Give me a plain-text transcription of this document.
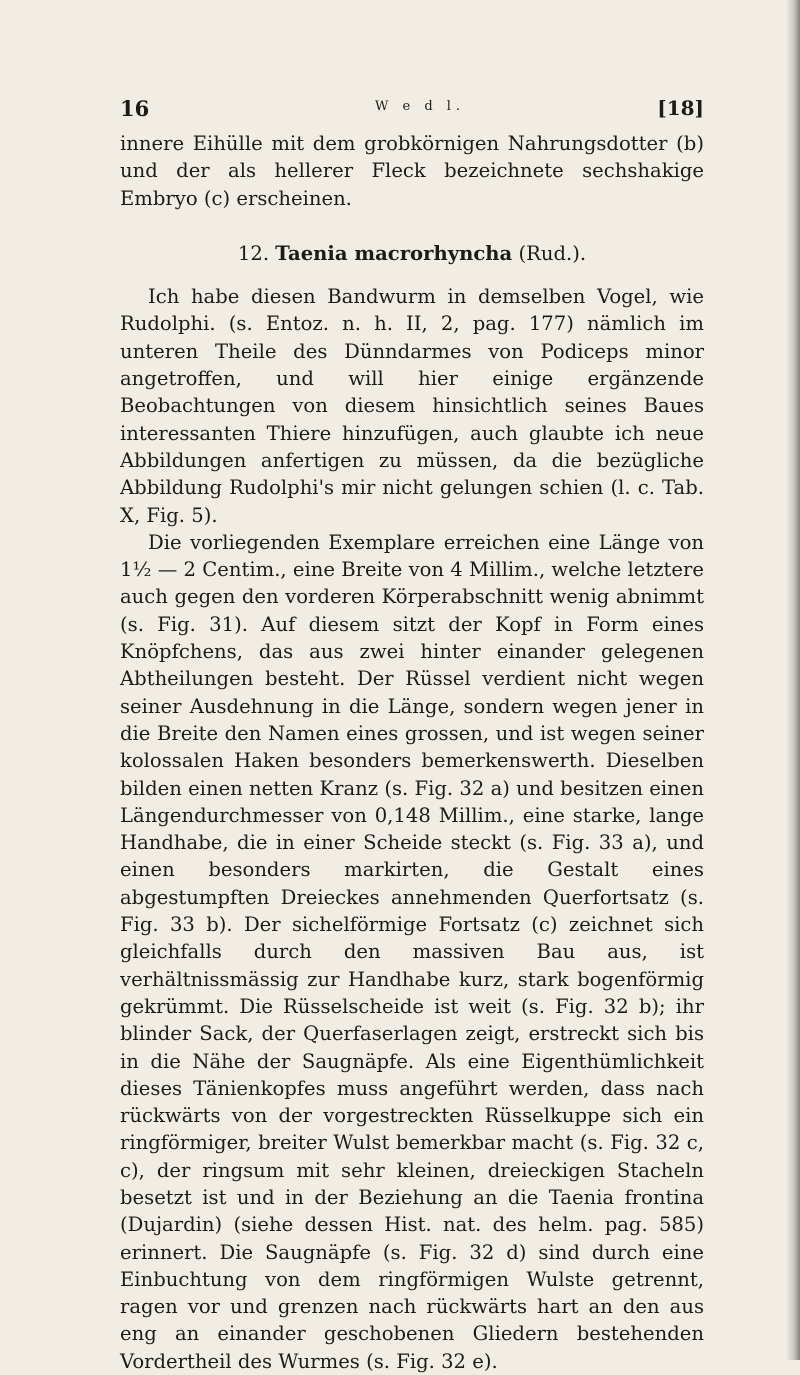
16	W e d l.	[18]

innere Eihülle mit dem grobkörnigen Nahrungsdotter (b) und der als hellerer Fleck bezeichnete sechshakige Embryo (c) erscheinen.

12. Taenia macrorhyncha (Rud.).

Ich habe diesen Bandwurm in demselben Vogel, wie Rudolphi. (s. Entoz. n. h. II, 2, pag. 177) nämlich im unteren Theile des Dünndarmes von Podiceps minor angetroffen, und will hier einige ergänzende Beobachtungen von diesem hinsichtlich seines Baues interessanten Thiere hinzufügen, auch glaubte ich neue Abbildungen anfertigen zu müssen, da die bezügliche Abbildung Rudolphi's mir nicht gelungen schien (l. c. Tab. X, Fig. 5).

Die vorliegenden Exemplare erreichen eine Länge von 1½ — 2 Centim., eine Breite von 4 Millim., welche letztere auch gegen den vorderen Körperabschnitt wenig abnimmt (s. Fig. 31). Auf diesem sitzt der Kopf in Form eines Knöpfchens, das aus zwei hinter einander gelegenen Abtheilungen besteht. Der Rüssel verdient nicht wegen seiner Ausdehnung in die Länge, sondern wegen jener in die Breite den Namen eines grossen, und ist wegen seiner kolossalen Haken besonders bemerkenswerth. Dieselben bilden einen netten Kranz (s. Fig. 32 a) und besitzen einen Längendurchmesser von 0,148 Millim., eine starke, lange Handhabe, die in einer Scheide steckt (s. Fig. 33 a), und einen besonders markirten, die Gestalt eines abgestumpften Dreieckes annehmenden Querfortsatz (s. Fig. 33 b). Der sichelförmige Fortsatz (c) zeichnet sich gleichfalls durch den massiven Bau aus, ist verhältnissmässig zur Handhabe kurz, stark bogenförmig gekrümmt. Die Rüsselscheide ist weit (s. Fig. 32 b); ihr blinder Sack, der Querfaserlagen zeigt, erstreckt sich bis in die Nähe der Saugnäpfe. Als eine Eigenthümlichkeit dieses Tänienkopfes muss angeführt werden, dass nach rückwärts von der vorgestreckten Rüsselkuppe sich ein ringförmiger, breiter Wulst bemerkbar macht (s. Fig. 32 c, c), der ringsum mit sehr kleinen, dreieckigen Stacheln besetzt ist und in der Beziehung an die Taenia frontina (Dujardin) (siehe dessen Hist. nat. des helm. pag. 585) erinnert. Die Saugnäpfe (s. Fig. 32 d) sind durch eine Einbuchtung von dem ringförmigen Wulste getrennt, ragen vor und grenzen nach rückwärts hart an den aus eng an einander geschobenen Gliedern bestehenden Vordertheil des Wurmes (s. Fig. 32 e).
